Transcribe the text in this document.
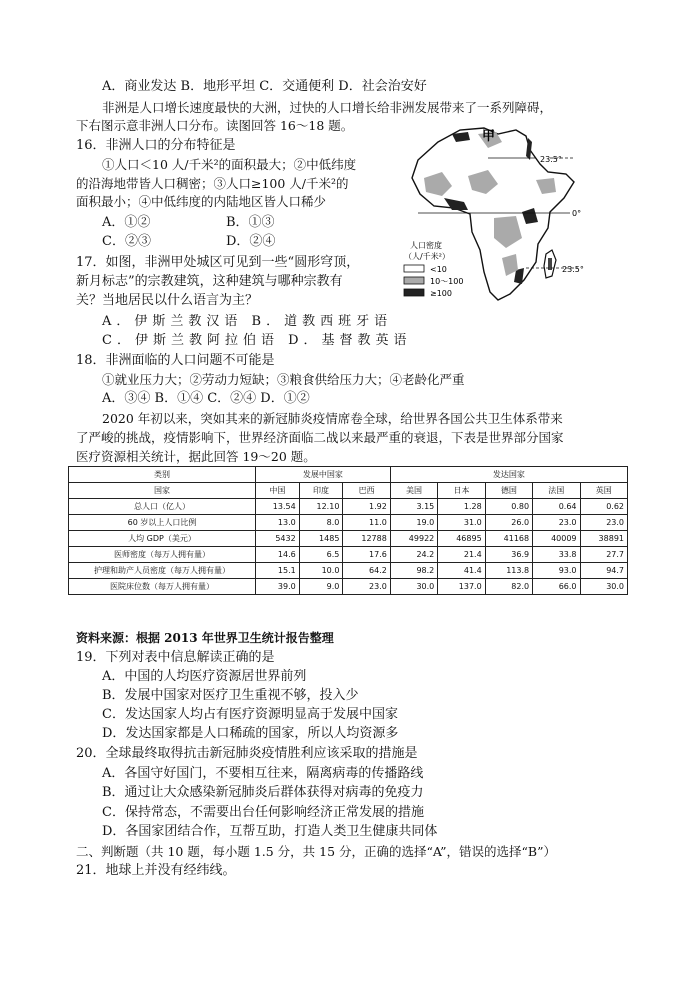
A．商业发达 B．地形平坦 C．交通便利 D．社会治安好
非洲是人口增长速度最快的大洲，过快的人口增长给非洲发展带来了一系列障碍，
下右图示意非洲人口分布。读图回答 16～18 题。
16．非洲人口的分布特征是
①人口＜10 人/千米²的面积最大；②中低纬度
的沿海地带皆人口稠密；③人口≥100 人/千米²的
面积最小；④中低纬度的内陆地区皆人口稀少
A．①②	B．①③
C．②③	D．②④
17．如图，非洲甲处城区可见到一些“圆形穹顶，
新月标志”的宗教建筑，这种建筑与哪种宗教有
关？当地居民以什么语言为主？
A．伊斯兰教汉语 B．道教西班牙语
C．伊斯兰教阿拉伯语 D．基督教英语
甲
23.5°
0°
23.5°
人口密度
（人/千米²）
<10
10～100
≥100
18．非洲面临的人口问题不可能是
①就业压力大；②劳动力短缺；③粮食供给压力大；④老龄化严重
A．③④ B．①④ C．②④ D．①②
2020 年初以来，突如其来的新冠肺炎疫情席卷全球，给世界各国公共卫生体系带来
了严峻的挑战，疫情影响下，世界经济面临二战以来最严重的衰退，下表是世界部分国家
医疗资源相关统计，据此回答 19～20 题。
类别	发展中国家			发达国家				
国家	中国	印度	巴西	美国	日本	德国	法国	英国
总人口（亿人）	13.54	12.10	1.92	3.15	1.28	0.80	0.64	0.62
60 岁以上人口比例	13.0	8.0	11.0	19.0	31.0	26.0	23.0	23.0
人均 GDP（美元）	5432	1485	12788	49922	46895	41168	40009	38891
医师密度（每万人拥有量）	14.6	6.5	17.6	24.2	21.4	36.9	33.8	27.7
护理和助产人员密度（每万人拥有量）	15.1	10.0	64.2	98.2	41.4	113.8	93.0	94.7
医院床位数（每万人拥有量）	39.0	9.0	23.0	30.0	137.0	82.0	66.0	30.0
资料来源：根据 2013 年世界卫生统计报告整理
19．下列对表中信息解读正确的是
A．中国的人均医疗资源居世界前列
B．发展中国家对医疗卫生重视不够，投入少
C．发达国家人均占有医疗资源明显高于发展中国家
D．发达国家都是人口稀疏的国家，所以人均资源多
20．全球最终取得抗击新冠肺炎疫情胜利应该采取的措施是
A．各国守好国门，不要相互往来，隔离病毒的传播路线
B．通过让大众感染新冠肺炎后群体获得对病毒的免疫力
C．保持常态，不需要出台任何影响经济正常发展的措施
D．各国家团结合作，互帮互助，打造人类卫生健康共同体
二、判断题（共 10 题，每小题 1.5 分，共 15 分，正确的选择“A”，错误的选择“B”）
21．地球上并没有经纬线。
